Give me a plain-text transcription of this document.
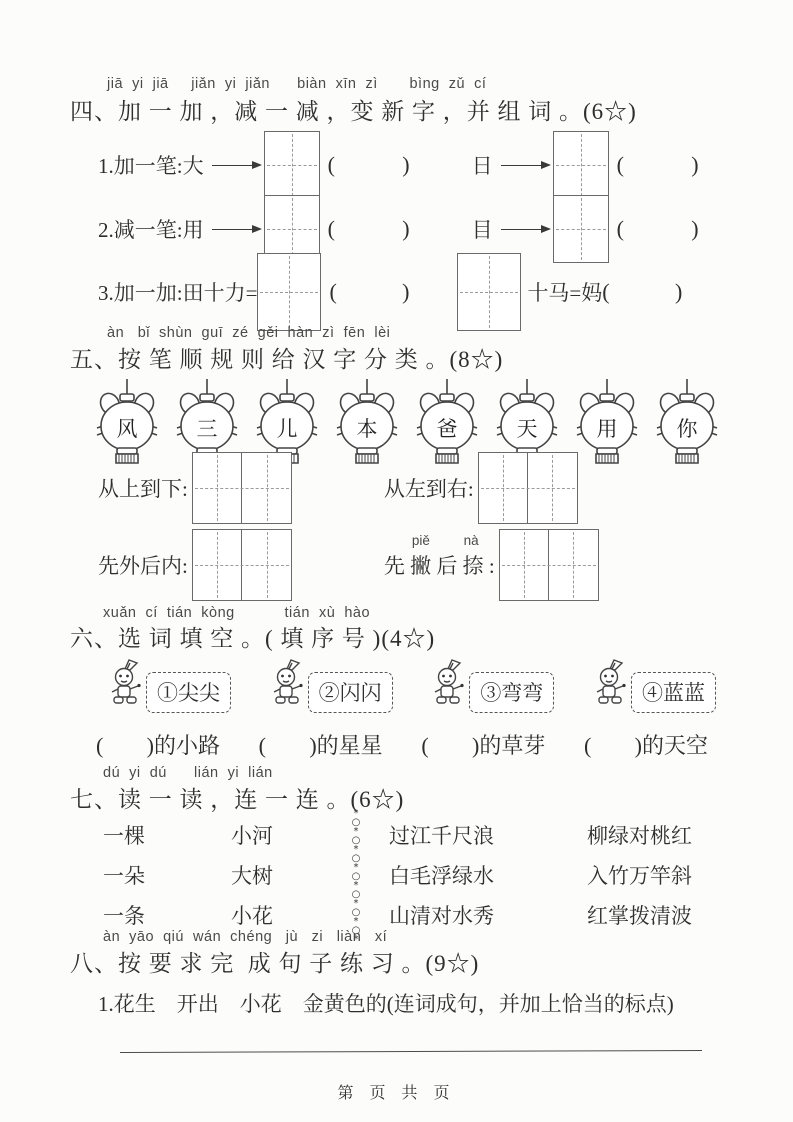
jiā  yi  jiā     jiǎn  yi  jiǎn      biàn  xīn  zì       bìng  zǔ  cí
四、加 一 加 ，减 一 减 ，变 新 字 ，并 组 词 。(6☆)
1.加一笔:大	(	)	日	(	)
2.减一笔:用	(	)	目	(	)
3.加一加:田十力=	(	)	十马=妈 (	)
àn   bǐ  shùn  guī  zé  gěi  hàn  zì  fēn  lèi
五、按 笔 顺 规 则 给 汉 字 分 类 。(8☆)
风	三	儿	本	爸	天	用	你
从上到下:	从左到右:
先外后内:
piě         nà
先 撇 后 捺 :
xuǎn  cí  tián  kòng           tián  xù  hào
六、选 词 填 空 。( 填 序 号 )(4☆)
①尖尖	②闪闪	③弯弯	④蓝蓝
( ) 的小路 ( ) 的星星 ( ) 的草芽 ( ) 的天空
dú  yi  dú      lián  yi  lián
七、读 一 读 ，连 一 连 。(6☆)
*○*○*○*○*○*○*○*
一棵	小河	过江千尺浪	柳绿对桃红
一朵	大树	白毛浮绿水	入竹万竿斜
一条	小花	山清对水秀	红掌拨清波
àn  yāo  qiú  wán  chéng   jù   zi   liàn   xí
八、按 要 求 完  成 句 子 练 习 。(9☆)
1.花生　开出　小花　金黄色的(连词成句，并加上恰当的标点)
第 页 共 页
